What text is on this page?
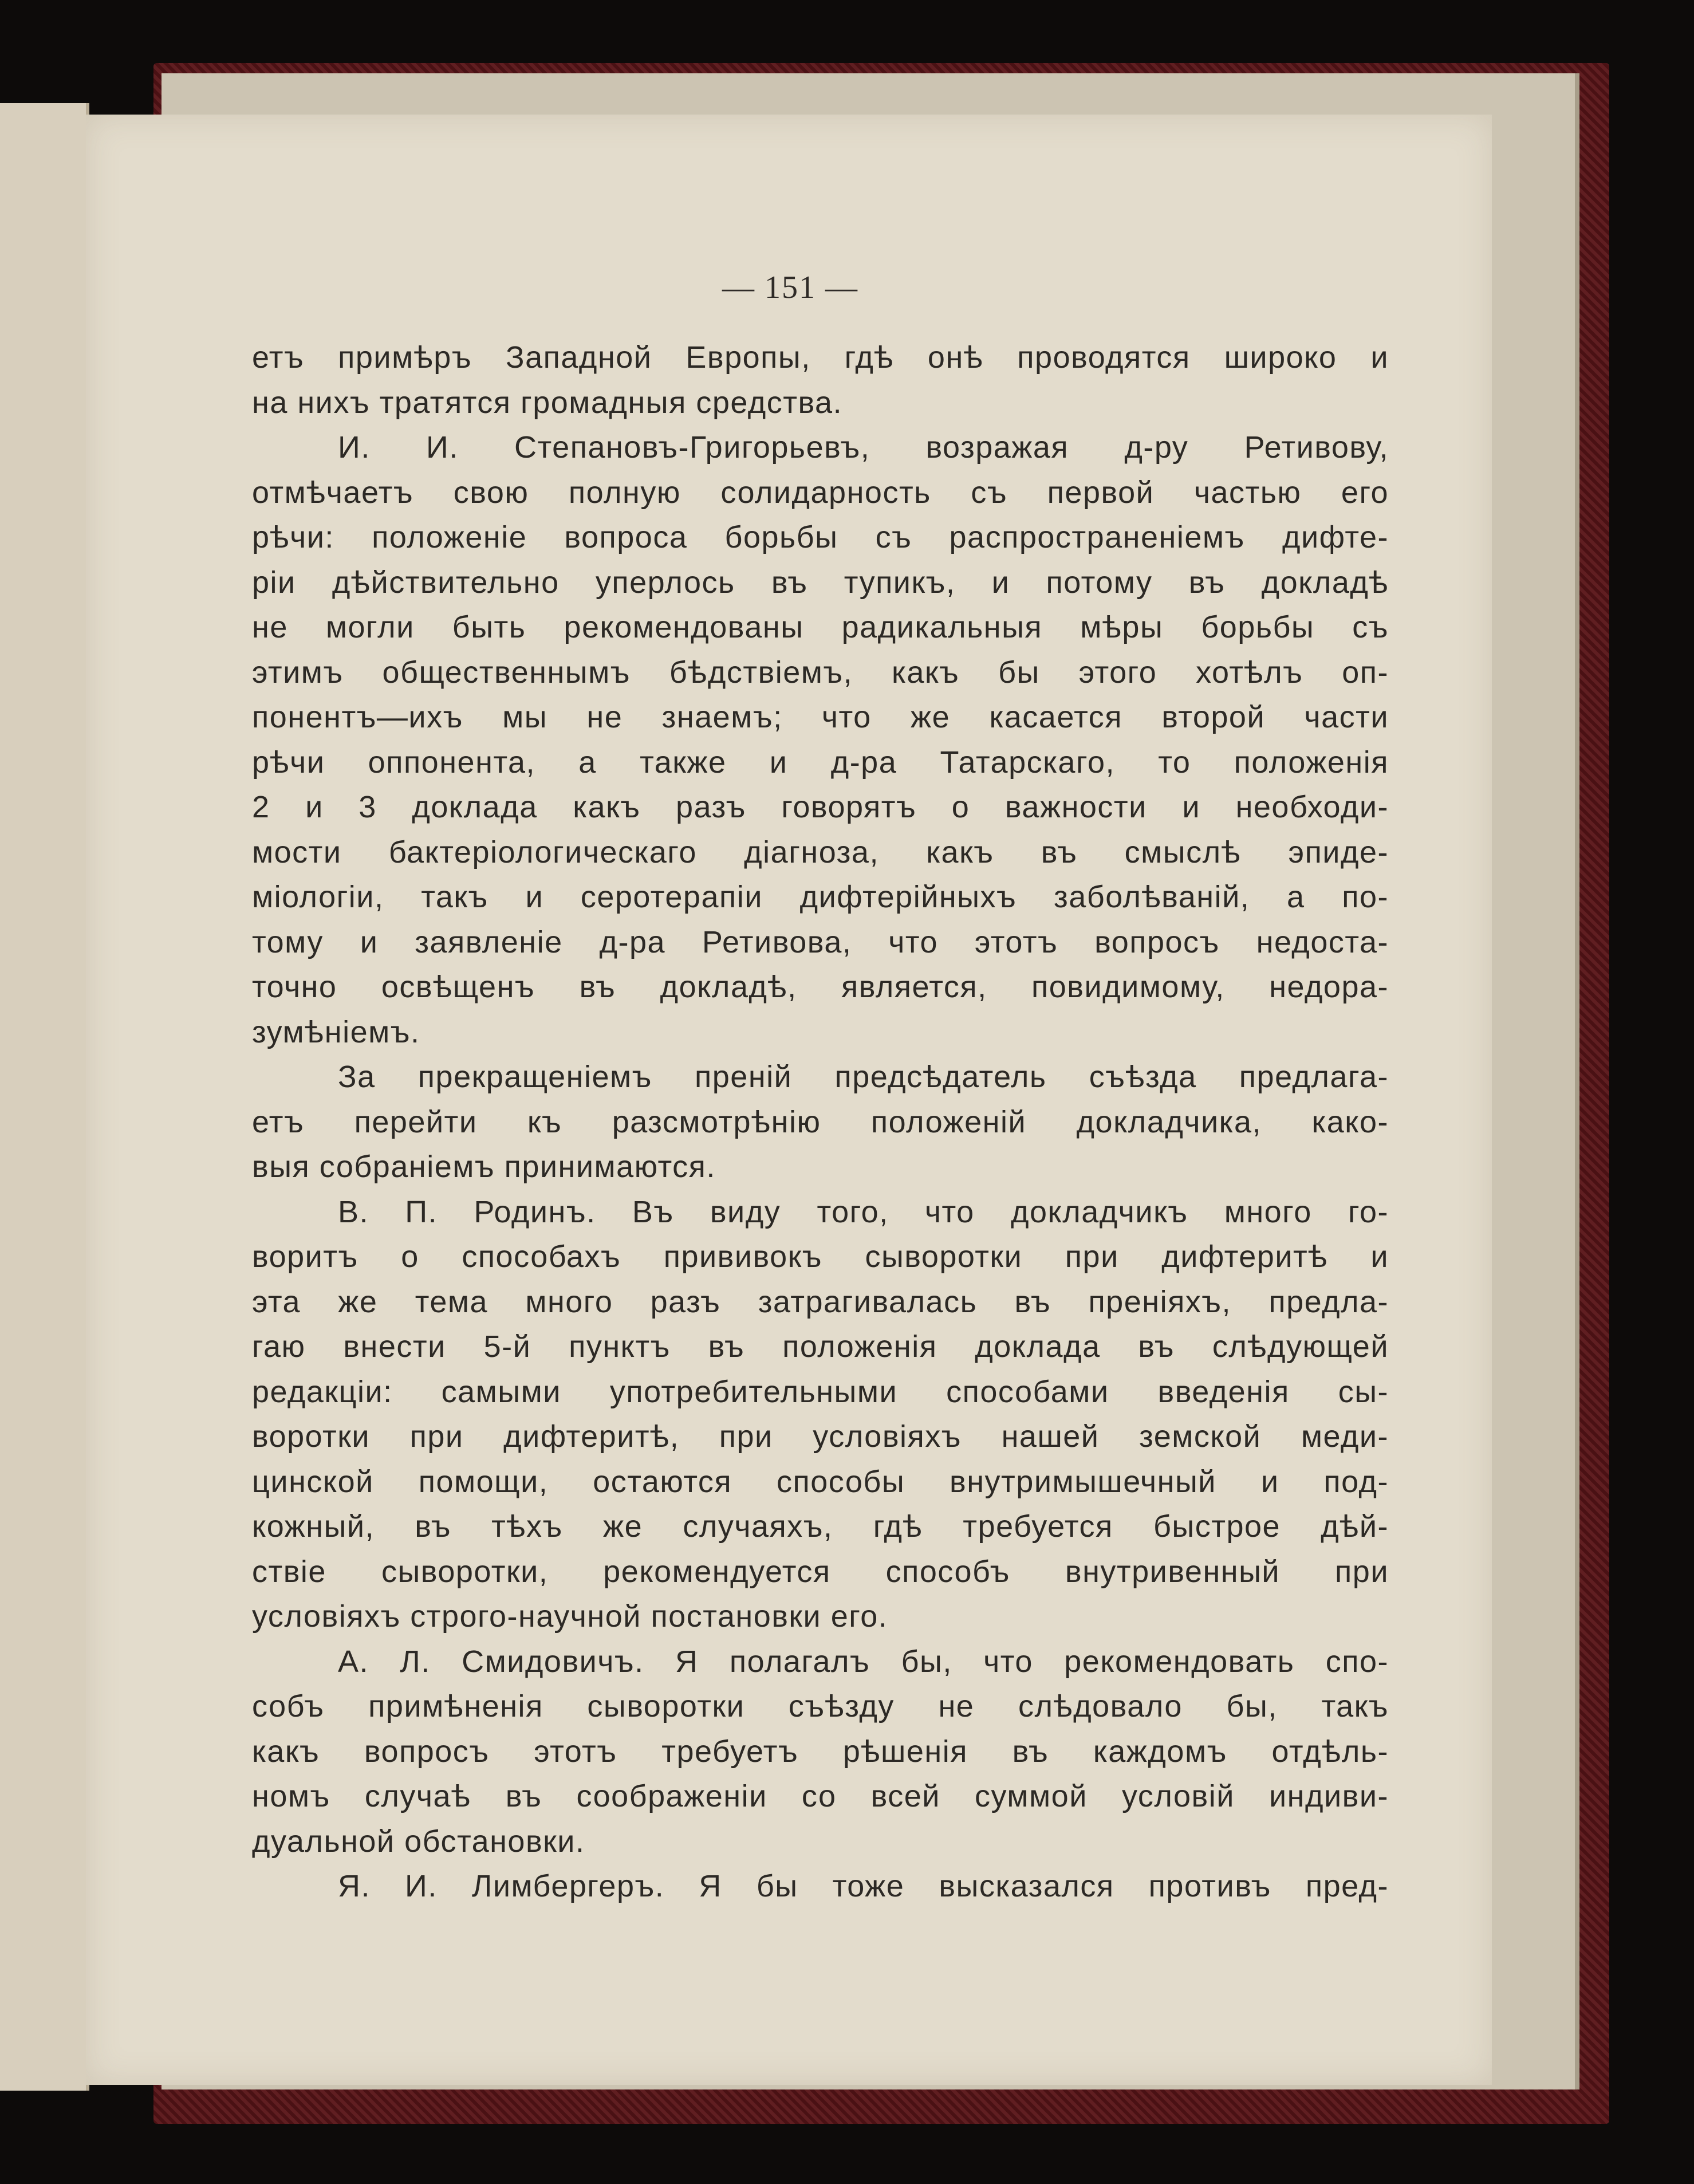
— 151 —
етъ примѣръ Западной Европы, гдѣ онѣ проводятся широко и
на нихъ тратятся громадныя средства.
И. И. Степановъ-Григорьевъ, возражая д-ру Ретивову,
отмѣчаетъ свою полную солидарность съ первой частью его
рѣчи: положеніе вопроса борьбы съ распространеніемъ дифте-
ріи дѣйствительно уперлось въ тупикъ, и потому въ докладѣ
не могли быть рекомендованы радикальныя мѣры борьбы съ
этимъ общественнымъ бѣдствіемъ, какъ бы этого хотѣлъ оп-
понентъ—ихъ мы не знаемъ; что же касается второй части
рѣчи оппонента, а также и д-ра Татарскаго, то положенія
2 и 3 доклада какъ разъ говорятъ о важности и необходи-
мости бактеріологическаго діагноза, какъ въ смыслѣ эпиде-
міологіи, такъ и серотерапіи дифтерійныхъ заболѣваній, а по-
тому и заявленіе д-ра Ретивова, что этотъ вопросъ недоста-
точно освѣщенъ въ докладѣ, является, повидимому, недора-
зумѣніемъ.
За прекращеніемъ преній предсѣдатель съѣзда предлага-
етъ перейти къ разсмотрѣнію положеній докладчика, како-
выя собраніемъ принимаются.
В. П. Родинъ. Въ виду того, что докладчикъ много го-
воритъ о способахъ прививокъ сыворотки при дифтеритѣ и
эта же тема много разъ затрагивалась въ преніяхъ, предла-
гаю внести 5-й пунктъ въ положенія доклада въ слѣдующей
редакціи: самыми употребительными способами введенія сы-
воротки при дифтеритѣ, при условіяхъ нашей земской меди-
цинской помощи, остаются способы внутримышечный и под-
кожный, въ тѣхъ же случаяхъ, гдѣ требуется быстрое дѣй-
ствіе сыворотки, рекомендуется способъ внутривенный при
условіяхъ строго-научной постановки его.
А. Л. Смидовичъ. Я полагалъ бы, что рекомендовать спо-
собъ примѣненія сыворотки съѣзду не слѣдовало бы, такъ
какъ вопросъ этотъ требуетъ рѣшенія въ каждомъ отдѣль-
номъ случаѣ въ соображеніи со всей суммой условій индиви-
дуальной обстановки.
Я. И. Лимбергеръ. Я бы тоже высказался противъ пред-
